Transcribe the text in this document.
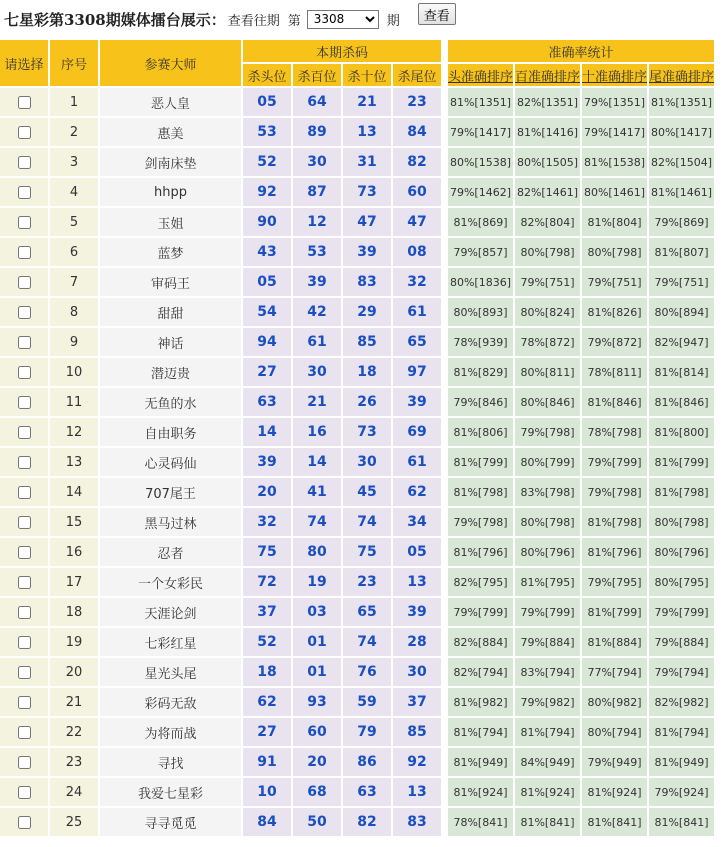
七星彩第3308期媒体擂台展示： 查看往期 第
3308	期	查看
请选择	序号	参赛大师	本期杀码					准确率统计			
			杀头位	杀百位	杀十位	杀尾位		头准确排序	百准确排序	十准确排序	尾准确排序
	1	恶人皇	05	64	21	23		81%[1351]	82%[1351]	79%[1351]	81%[1351]
	2	惠美	53	89	13	84		79%[1417]	81%[1416]	79%[1417]	80%[1417]
	3	剑南床垫	52	30	31	82		80%[1538]	80%[1505]	81%[1538]	82%[1504]
	4	hhpp	92	87	73	60		79%[1462]	82%[1461]	80%[1461]	81%[1461]
	5	玉姐	90	12	47	47		81%[869]	82%[804]	81%[804]	79%[869]
	6	蓝梦	43	53	39	08		79%[857]	80%[798]	80%[798]	81%[807]
	7	审码王	05	39	83	32		80%[1836]	79%[751]	79%[751]	79%[751]
	8	甜甜	54	42	29	61		80%[893]	80%[824]	81%[826]	80%[894]
	9	神话	94	61	85	65		78%[939]	78%[872]	79%[872]	82%[947]
	10	潜迈贵	27	30	18	97		81%[829]	80%[811]	78%[811]	81%[814]
	11	无鱼的水	63	21	26	39		79%[846]	80%[846]	81%[846]	81%[846]
	12	自由职务	14	16	73	69		81%[806]	79%[798]	78%[798]	81%[800]
	13	心灵码仙	39	14	30	61		81%[799]	80%[799]	79%[799]	81%[799]
	14	707尾王	20	41	45	62		81%[798]	83%[798]	79%[798]	81%[798]
	15	黑马过林	32	74	74	34		79%[798]	80%[798]	81%[798]	80%[798]
	16	忍者	75	80	75	05		81%[796]	80%[796]	81%[796]	80%[796]
	17	一个女彩民	72	19	23	13		82%[795]	81%[795]	79%[795]	80%[795]
	18	天涯论剑	37	03	65	39		79%[799]	79%[799]	81%[799]	79%[799]
	19	七彩红星	52	01	74	28		82%[884]	79%[884]	81%[884]	79%[884]
	20	星光头尾	18	01	76	30		82%[794]	83%[794]	77%[794]	79%[794]
	21	彩码无敌	62	93	59	37		81%[982]	79%[982]	80%[982]	82%[982]
	22	为将而战	27	60	79	85		81%[794]	81%[794]	80%[794]	81%[794]
	23	寻找	91	20	86	92		81%[949]	84%[949]	79%[949]	81%[949]
	24	我爱七星彩	10	68	63	13		81%[924]	81%[924]	81%[924]	79%[924]
	25	寻寻觅觅	84	50	82	83		78%[841]	81%[841]	81%[841]	81%[841]
